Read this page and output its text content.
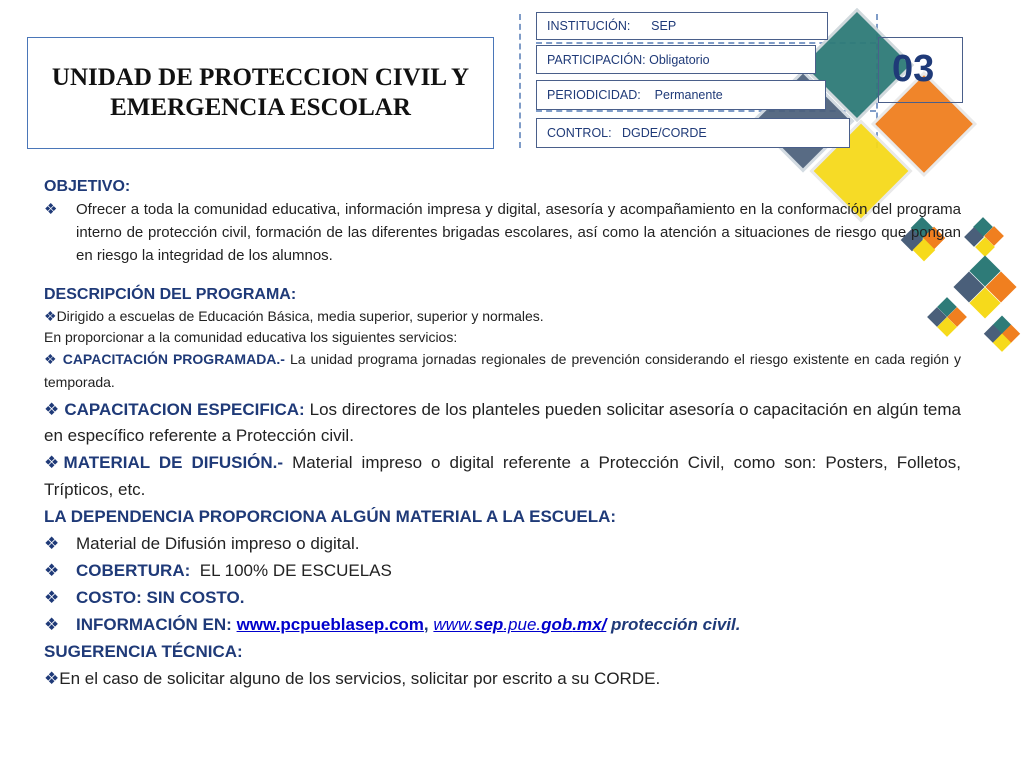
UNIDAD DE PROTECCION CIVIL Y EMERGENCIA ESCOLAR
INSTITUCIÓN:      SEP
PARTICIPACIÓN: Obligatorio
PERIODICIDAD:    Permanente
CONTROL:   DGDE/CORDE
03

OBJETIVO:

❖	Ofrecer a toda la comunidad educativa, información impresa y digital, asesoría y acompañamiento en la conformación del programa interno de protección civil, formación de las diferentes brigadas escolares, así como la atención a situaciones de riesgo que pongan en riesgo la integridad de los alumnos.

DESCRIPCIÓN DEL PROGRAMA:

❖Dirigido a escuelas de Educación Básica, media superior, superior y normales.

En proporcionar a la comunidad educativa los siguientes servicios:

❖ CAPACITACIÓN PROGRAMADA.- La unidad programa jornadas regionales de prevención considerando el riesgo existente en cada región y temporada.

❖ CAPACITACION ESPECIFICA: Los directores de los planteles pueden solicitar asesoría o capacitación en algún tema en específico referente a Protección civil.

❖MATERIAL DE DIFUSIÓN.- Material impreso o digital referente a Protección Civil, como son: Posters, Folletos, Trípticos, etc.

LA DEPENDENCIA PROPORCIONA ALGÚN MATERIAL A LA ESCUELA:

❖ Material de Difusión impreso o digital.
❖ COBERTURA:  EL 100% DE ESCUELAS
❖ COSTO: SIN COSTO.
❖ INFORMACIÓN EN: www.pcpueblasep.com, www.sep.pue.gob.mx/ protección civil.

SUGERENCIA TÉCNICA:

❖En el caso de solicitar alguno de los servicios, solicitar por escrito a su CORDE.
